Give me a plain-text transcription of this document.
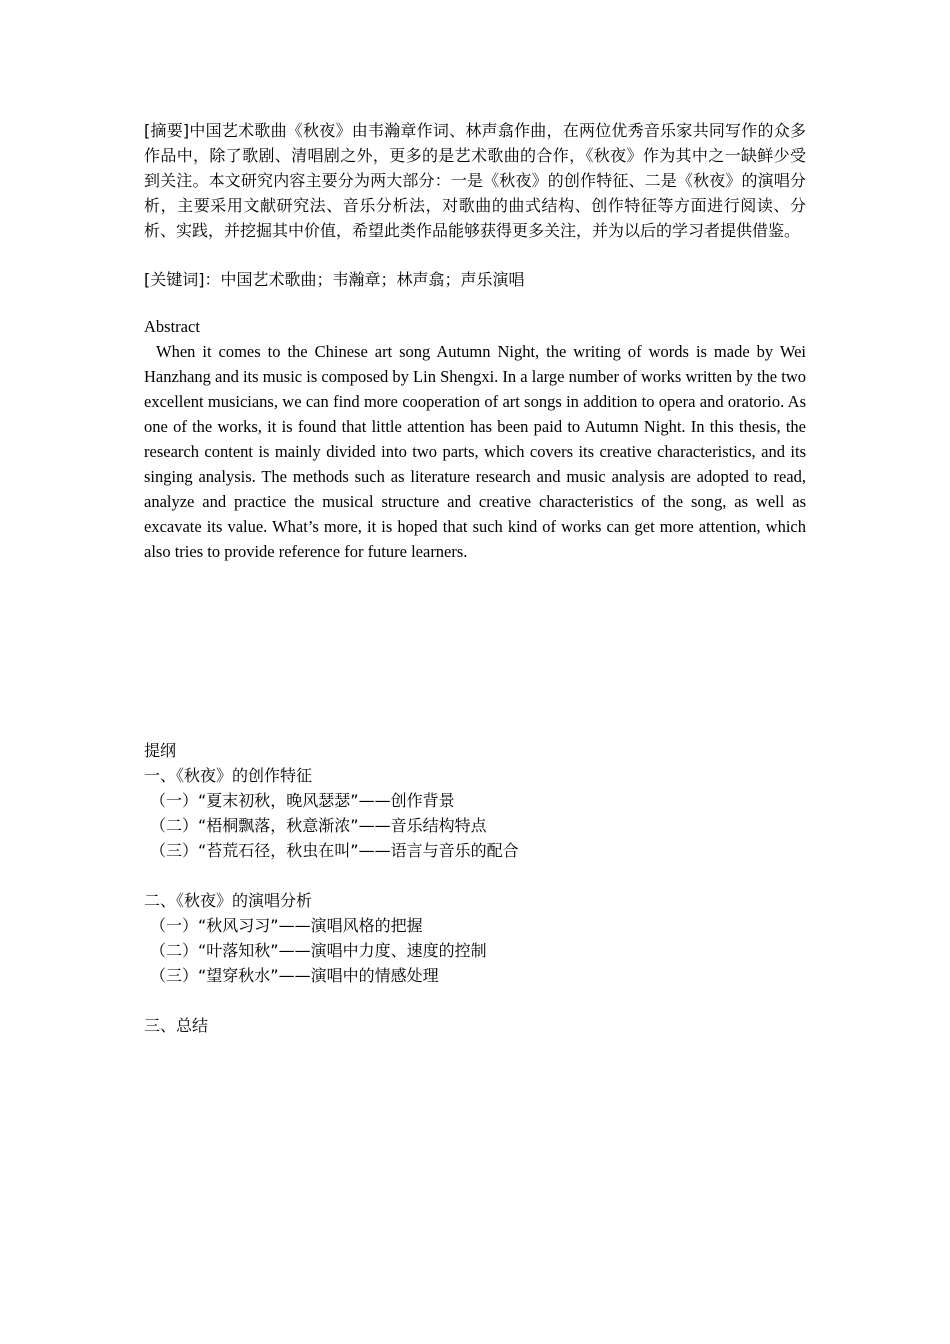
[摘要]中国艺术歌曲《秋夜》由韦瀚章作词、林声翕作曲，在两位优秀音乐家共同写作的众多作品中，除了歌剧、清唱剧之外，更多的是艺术歌曲的合作，《秋夜》作为其中之一缺鲜少受到关注。本文研究内容主要分为两大部分：一是《秋夜》的创作特征、二是《秋夜》的演唱分析，主要采用文献研究法、音乐分析法，对歌曲的曲式结构、创作特征等方面进行阅读、分析、实践，并挖掘其中价值，希望此类作品能够获得更多关注，并为以后的学习者提供借鉴。

[关键词]：中国艺术歌曲；韦瀚章；林声翕；声乐演唱

Abstract

When it comes to the Chinese art song Autumn Night, the writing of words is made by Wei Hanzhang and its music is composed by Lin Shengxi. In a large number of works written by the two excellent musicians, we can find more cooperation of art songs in addition to opera and oratorio. As one of the works, it is found that little attention has been paid to Autumn Night. In this thesis, the research content is mainly divided into two parts, which covers its creative characteristics, and its singing analysis. The methods such as literature research and music analysis are adopted to read, analyze and practice the musical structure and creative characteristics of the song, as well as excavate its value. What’s more, it is hoped that such kind of works can get more attention, which also tries to provide reference for future learners.

提纲
一、《秋夜》的创作特征
（一）“夏末初秋，晚风瑟瑟”——创作背景
（二）“梧桐飘落，秋意渐浓”——音乐结构特点
（三）“苔荒石径，秋虫在叫”——语言与音乐的配合
二、《秋夜》的演唱分析
（一）“秋风习习”——演唱风格的把握
（二）“叶落知秋”——演唱中力度、速度的控制
（三）“望穿秋水”——演唱中的情感处理
三、总结
